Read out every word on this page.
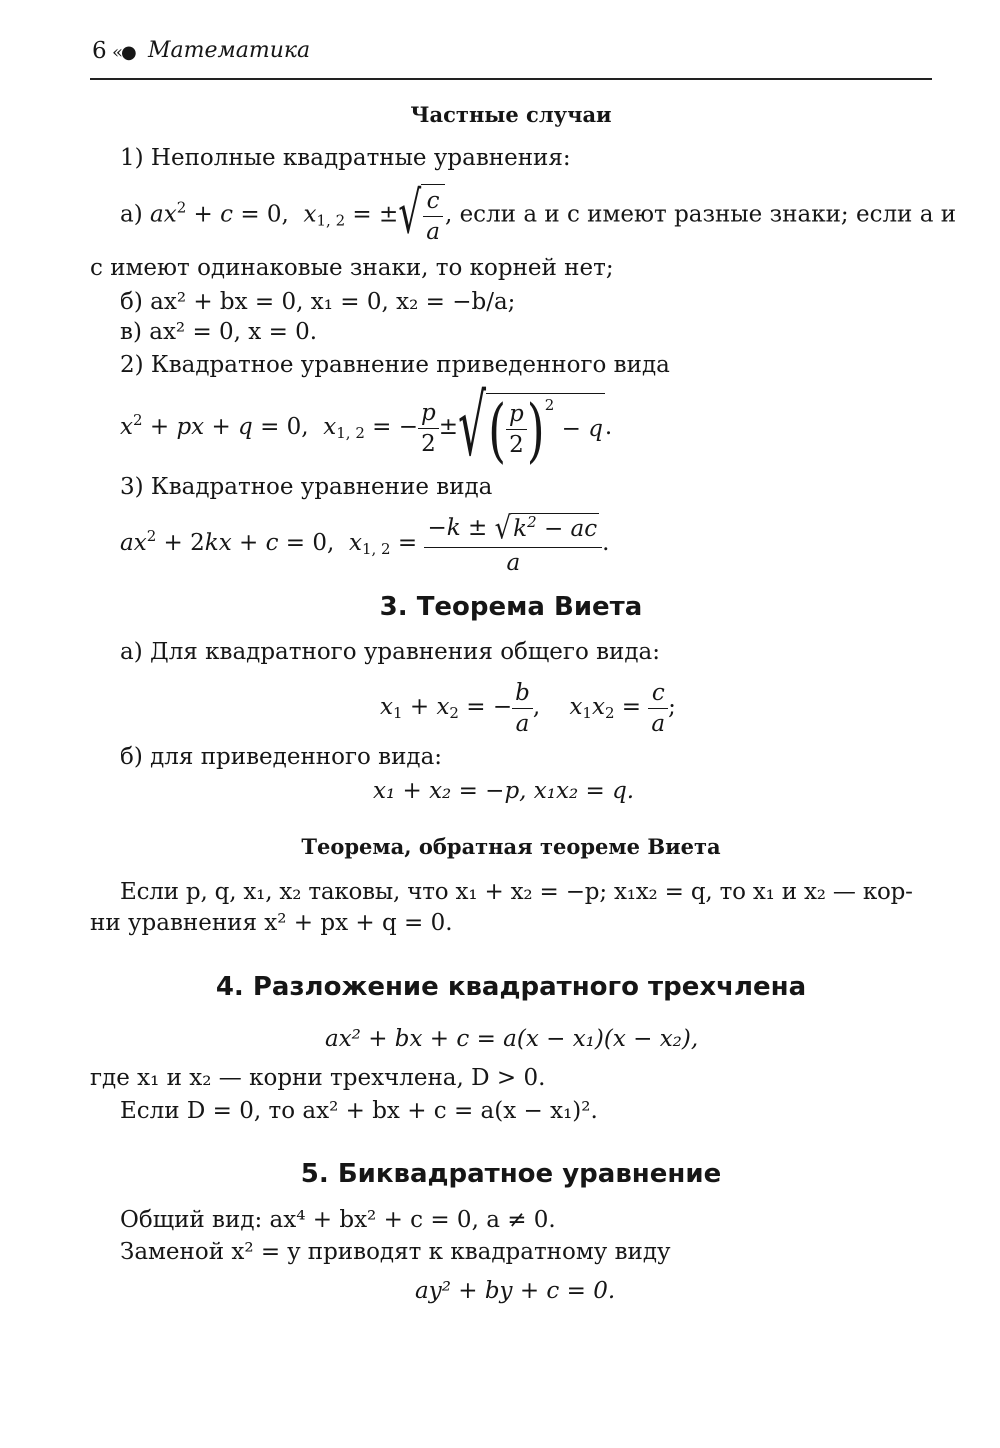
6 «● Математика
Частные случаи
1) Неполные квадратные уравнения:
а) $ax^2 + c = 0$,  $x_{1, 2}$ = ±√ $\frac{c}{a}$ , если a и c имеют разные знаки; если a и
c имеют одинаковые знаки, то корней нет;
б) ax² + bx = 0, x₁ = 0, x₂ = −b/a;
в) ax² = 0, x = 0.
2) Квадратное уравнение приведенного вида
$x^2$ + px + q = 0,  $x_{1, 2}$ = − $\frac{p}{2}$ ±√( $\frac{p}{2} )^2 - q$.
3) Квадратное уравнение вида
$ax^2 + 2kx + c = 0$,  $x_{1, 2} = \frac{-k \pm √k^2 - ac}{a}$ .
3. Теорема Виета
а) Для квадратного уравнения общего вида:
$x_1 + x_2$ = − $\frac{b}{a}$ ,    $x_1x_2 = \frac{c}{a}$ ;
б) для приведенного вида:
x₁ + x₂ = −p, x₁x₂ = q.
Теорема, обратная теореме Виета
Если p, q, x₁, x₂ таковы, что x₁ + x₂ = −p; x₁x₂ = q, то x₁ и x₂ — кор-
ни уравнения x² + px + q = 0.
4. Разложение квадратного трехчлена
ax² + bx + c = a(x − x₁)(x − x₂),
где x₁ и x₂ — корни трехчлена, D > 0.
Если D = 0, то ax² + bx + c = a(x − x₁)².
5. Биквадратное уравнение
Общий вид: ax⁴ + bx² + c = 0, a ≠ 0.
Заменой x² = y приводят к квадратному виду
ay² + by + c = 0.
